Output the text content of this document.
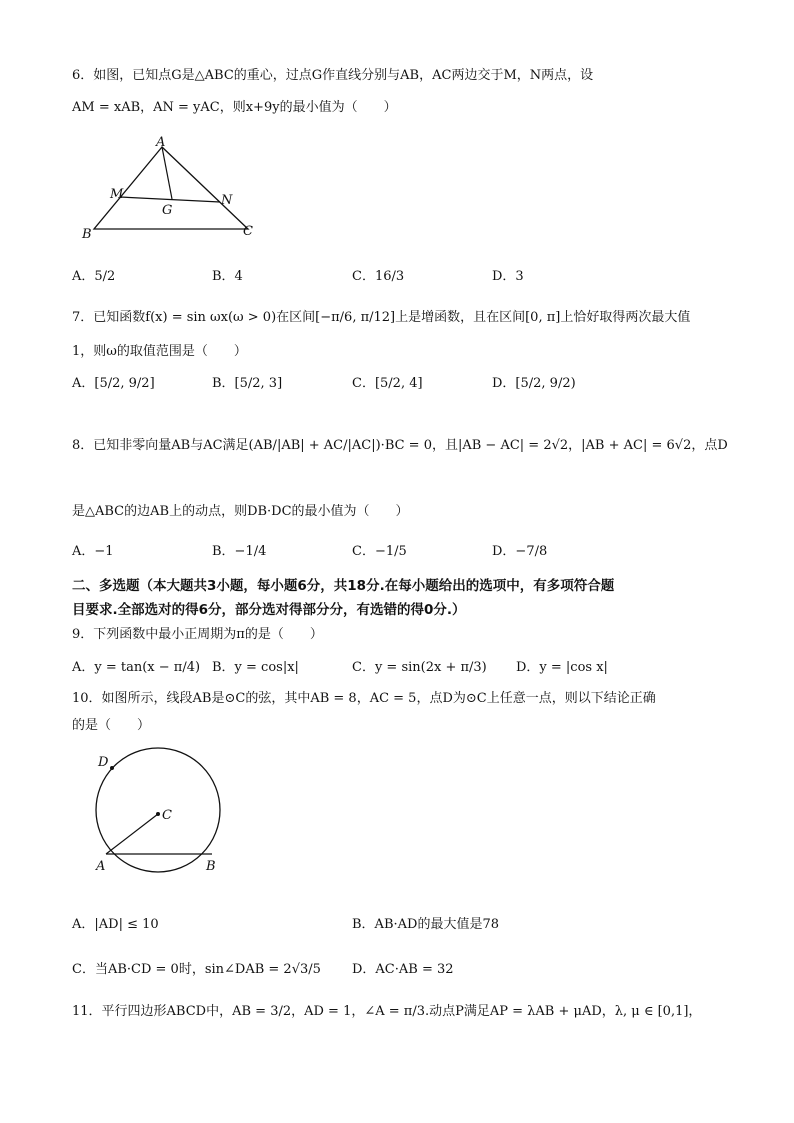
6．如图，已知点G是△ABC的重心，过点G作直线分别与AB，AC两边交于M，N两点，设
AM = xAB，AN = yAC，则x+9y的最小值为（　　）
A
B	C
M	N
G
A．5/2	B．4	C．16/3	D．3
7．已知函数f(x) = sin ωx(ω > 0)在区间[−π/6, π/12]上是增函数，且在区间[0, π]上恰好取得两次最大值
1，则ω的取值范围是（　　）
A．[5/2, 9/2]	B．[5/2, 3]	C．[5/2, 4]	D．[5/2, 9/2)
8．已知非零向量AB与AC满足(AB/|AB| + AC/|AC|)·BC = 0，且|AB − AC| = 2√2，|AB + AC| = 6√2，点D
是△ABC的边AB上的动点，则DB·DC的最小值为（　　）
A．−1	B．−1/4	C．−1/5	D．−7/8
二、多选题（本大题共3小题，每小题6分，共18分.在每小题给出的选项中，有多项符合题
目要求.全部选对的得6分，部分选对得部分分，有选错的得0分.）
9．下列函数中最小正周期为π的是（　　）
A．y = tan(x − π/4) B．y = cos|x|	C．y = sin(2x + π/3) D．y = |cos x|
10．如图所示，线段AB是⊙C的弦，其中AB = 8，AC = 5，点D为⊙C上任意一点，则以下结论正确
的是（　　）
D
C
A	B
A．|AD| ≤ 10	B．AB·AD的最大值是78
C．当AB·CD = 0时，sin∠DAB = 2√3/5 D．AC·AB = 32
11．平行四边形ABCD中，AB = 3/2，AD = 1，∠A = π/3.动点P满足AP = λAB + μAD，λ, μ ∈ [0,1]，
